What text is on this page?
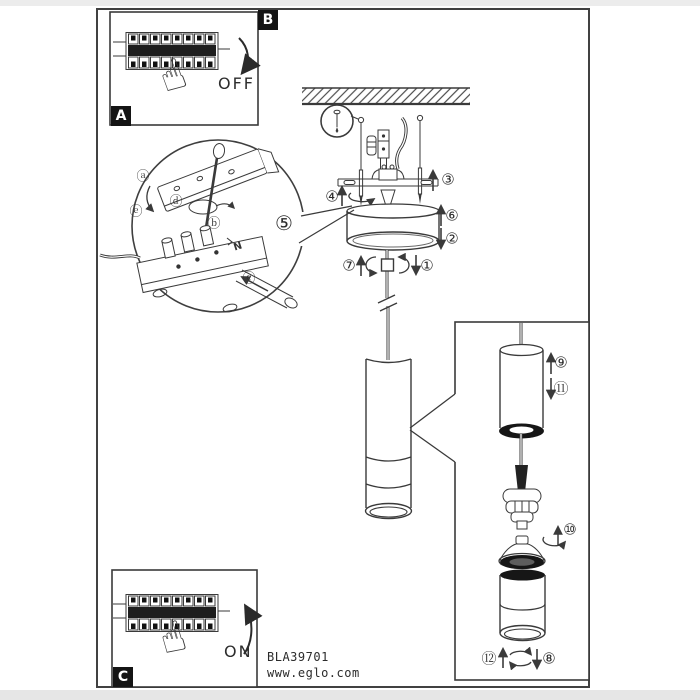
A
B
C
OFF
ON
☝
☝
①
②
③
④
⑤	⑥
⑦
⑧
⑨
⑩
⑪
⑫
ⓐ
ⓑ
ⓒ
ⓓ
ⓔ
N
BLA39701
www.eglo.com
